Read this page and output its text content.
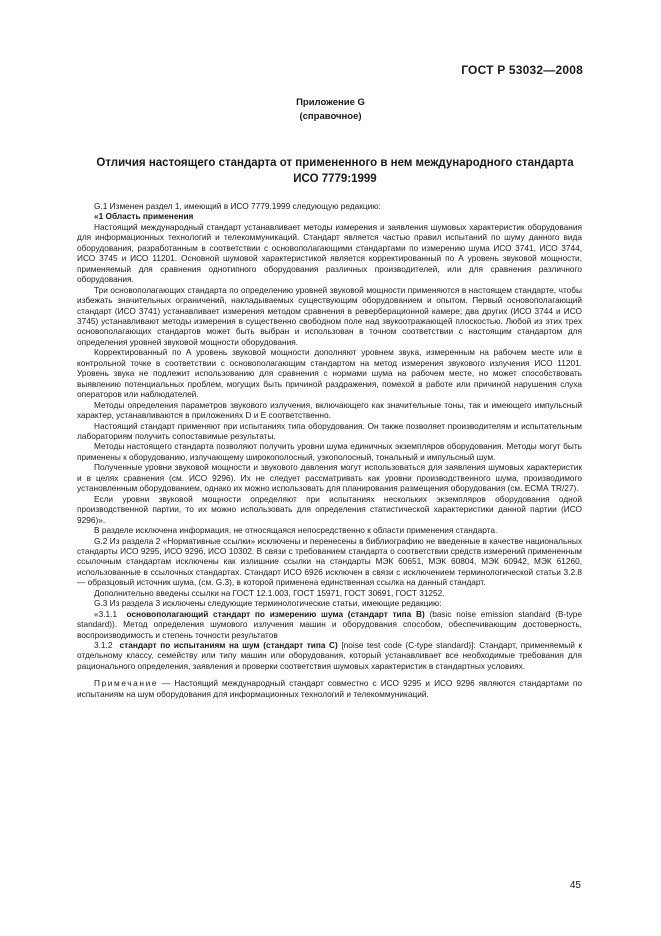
ГОСТ Р 53032—2008
Приложение G
(справочное)
Отличия настоящего стандарта от примененного в нем международного стандарта
ИСО 7779:1999

G.1 Изменен раздел 1, имеющий в ИСО 7779.1999 следующую редакцию:

«1 Область применения

Настоящий международный стандарт устанавливает методы измерения и заявления шумовых характеристик оборудования для информационных технологий и телекоммуникаций. Стандарт является частью правил испытаний по шуму данного вида оборудования, разработанным в соответствии с основополагающими стандартами по измерению шума ИСО 3741, ИСО 3744, ИСО 3745 и ИСО 11201. Основной шумовой характеристикой является корректированный по А уровень звуковой мощности, применяемый для сравнения однотипного оборудования различных производителей, или для сравнения различного оборудования.

Три основополагающих стандарта по определению уровней звуковой мощности применяются в настоящем стандарте, чтобы избежать значительных ограничений, накладываемых существующим оборудованием и опытом. Первый основополагающий стандарт (ИСО 3741) устанавливает измерения методом сравнения в реверберационной камере; два других (ИСО 3744 и ИСО 3745) устанавливают методы измерения в существенно свободном поле над звукоотражающей плоскостью. Любой из этих трех основополагающих стандартов может быть выбран и использован в точном соответствии с настоящим стандартом для определения уровней звуковой мощности оборудования.

Корректированный по А уровень звуковой мощности дополняют уровнем звука, измеренным на рабочем месте или в контрольной точке в соответствии с основополагающим стандартом на метод измерения звукового излучения ИСО 11201. Уровень звука не подлежит использованию для сравнения с нормами шума на рабочем месте, но может способствовать выявлению потенциальных проблем, могущих быть причиной раздражения, помехой в работе или причиной нарушения слуха операторов или наблюдателей.

Методы определения параметров звукового излучения, включающего как значительные тоны, так и имеющего импульсный характер, устанавливаются в приложениях D и Е соответственно.

Настоящий стандарт применяют при испытаниях типа оборудования. Он также позволяет производителям и испытательным лабораториям получить сопоставимые результаты.

Методы настоящего стандарта позволяют получить уровни шума единичных экземпляров оборудования. Методы могут быть применены к оборудованию, излучающему широкополосный, узкополосный, тональный и импульсный шум.

Полученные уровни звуковой мощности и звукового давления могут использоваться для заявления шумовых характеристик и в целях сравнения (см. ИСО 9296). Их не следует рассматривать как уровни производственного шума, производимого установленным оборудованием, однако их можно использовать для планирования размещения оборудования (см. ЕСМА TR/27).

Если уровни звуковой мощности определяют при испытаниях нескольких экземпляров оборудования одной производственной партии, то их можно использовать для определения статистической характеристики данной партии (ИСО 9296)».

В разделе исключена информация, не относящаяся непосредственно к области применения стандарта.

G.2 Из раздела 2 «Нормативные ссылки» исключены и перенесены в библиографию не введенные в качестве национальных стандарты ИСО 9295, ИСО 9296, ИСО 10302. В связи с требованием стандарта о соответствии средств измерений примененным ссылочным стандартам исключены как излишние ссылки на стандарты МЭК 60651, МЭК 60804, МЭК 60942, МЭК 61260, использованные в ссылочных стандартах. Стандарт ИСО 6926 исключен в связи с исключением терминологической статьи 3.2.8 — образцовый источник шума, (см. G.3), в которой применена единственная ссылка на данный стандарт.

Дополнительно введены ссылки на ГОСТ 12.1.003, ГОСТ 15971, ГОСТ 30691, ГОСТ 31252.

G.3 Из раздела 3 исключены следующие терминологические статьи, имеющие редакцию:

«3.1.1 основополагающий стандарт по измерению шума (стандарт типа В) (basic noise emission standard (B-type standard)). Метод определения шумового излучения машин и оборудования способом, обеспечивающим достоверность, воспроизводимость и степень точности результатов

3.1.2 стандарт по испытаниям на шум (стандарт типа С) [noise test code (C-type standard)]: Стандарт, применяемый к отдельному классу, семейству или типу машин или оборудования, который устанавливает все необходимые требования для рационального определения, заявления и проверки соответствия шумовых характеристик в стандартных условиях.

Примечание — Настоящий международный стандарт совместно с ИСО 9295 и ИСО 9296 являются стандартами по испытаниям на шум оборудования для информационных технологий и телекоммуникаций.

45
